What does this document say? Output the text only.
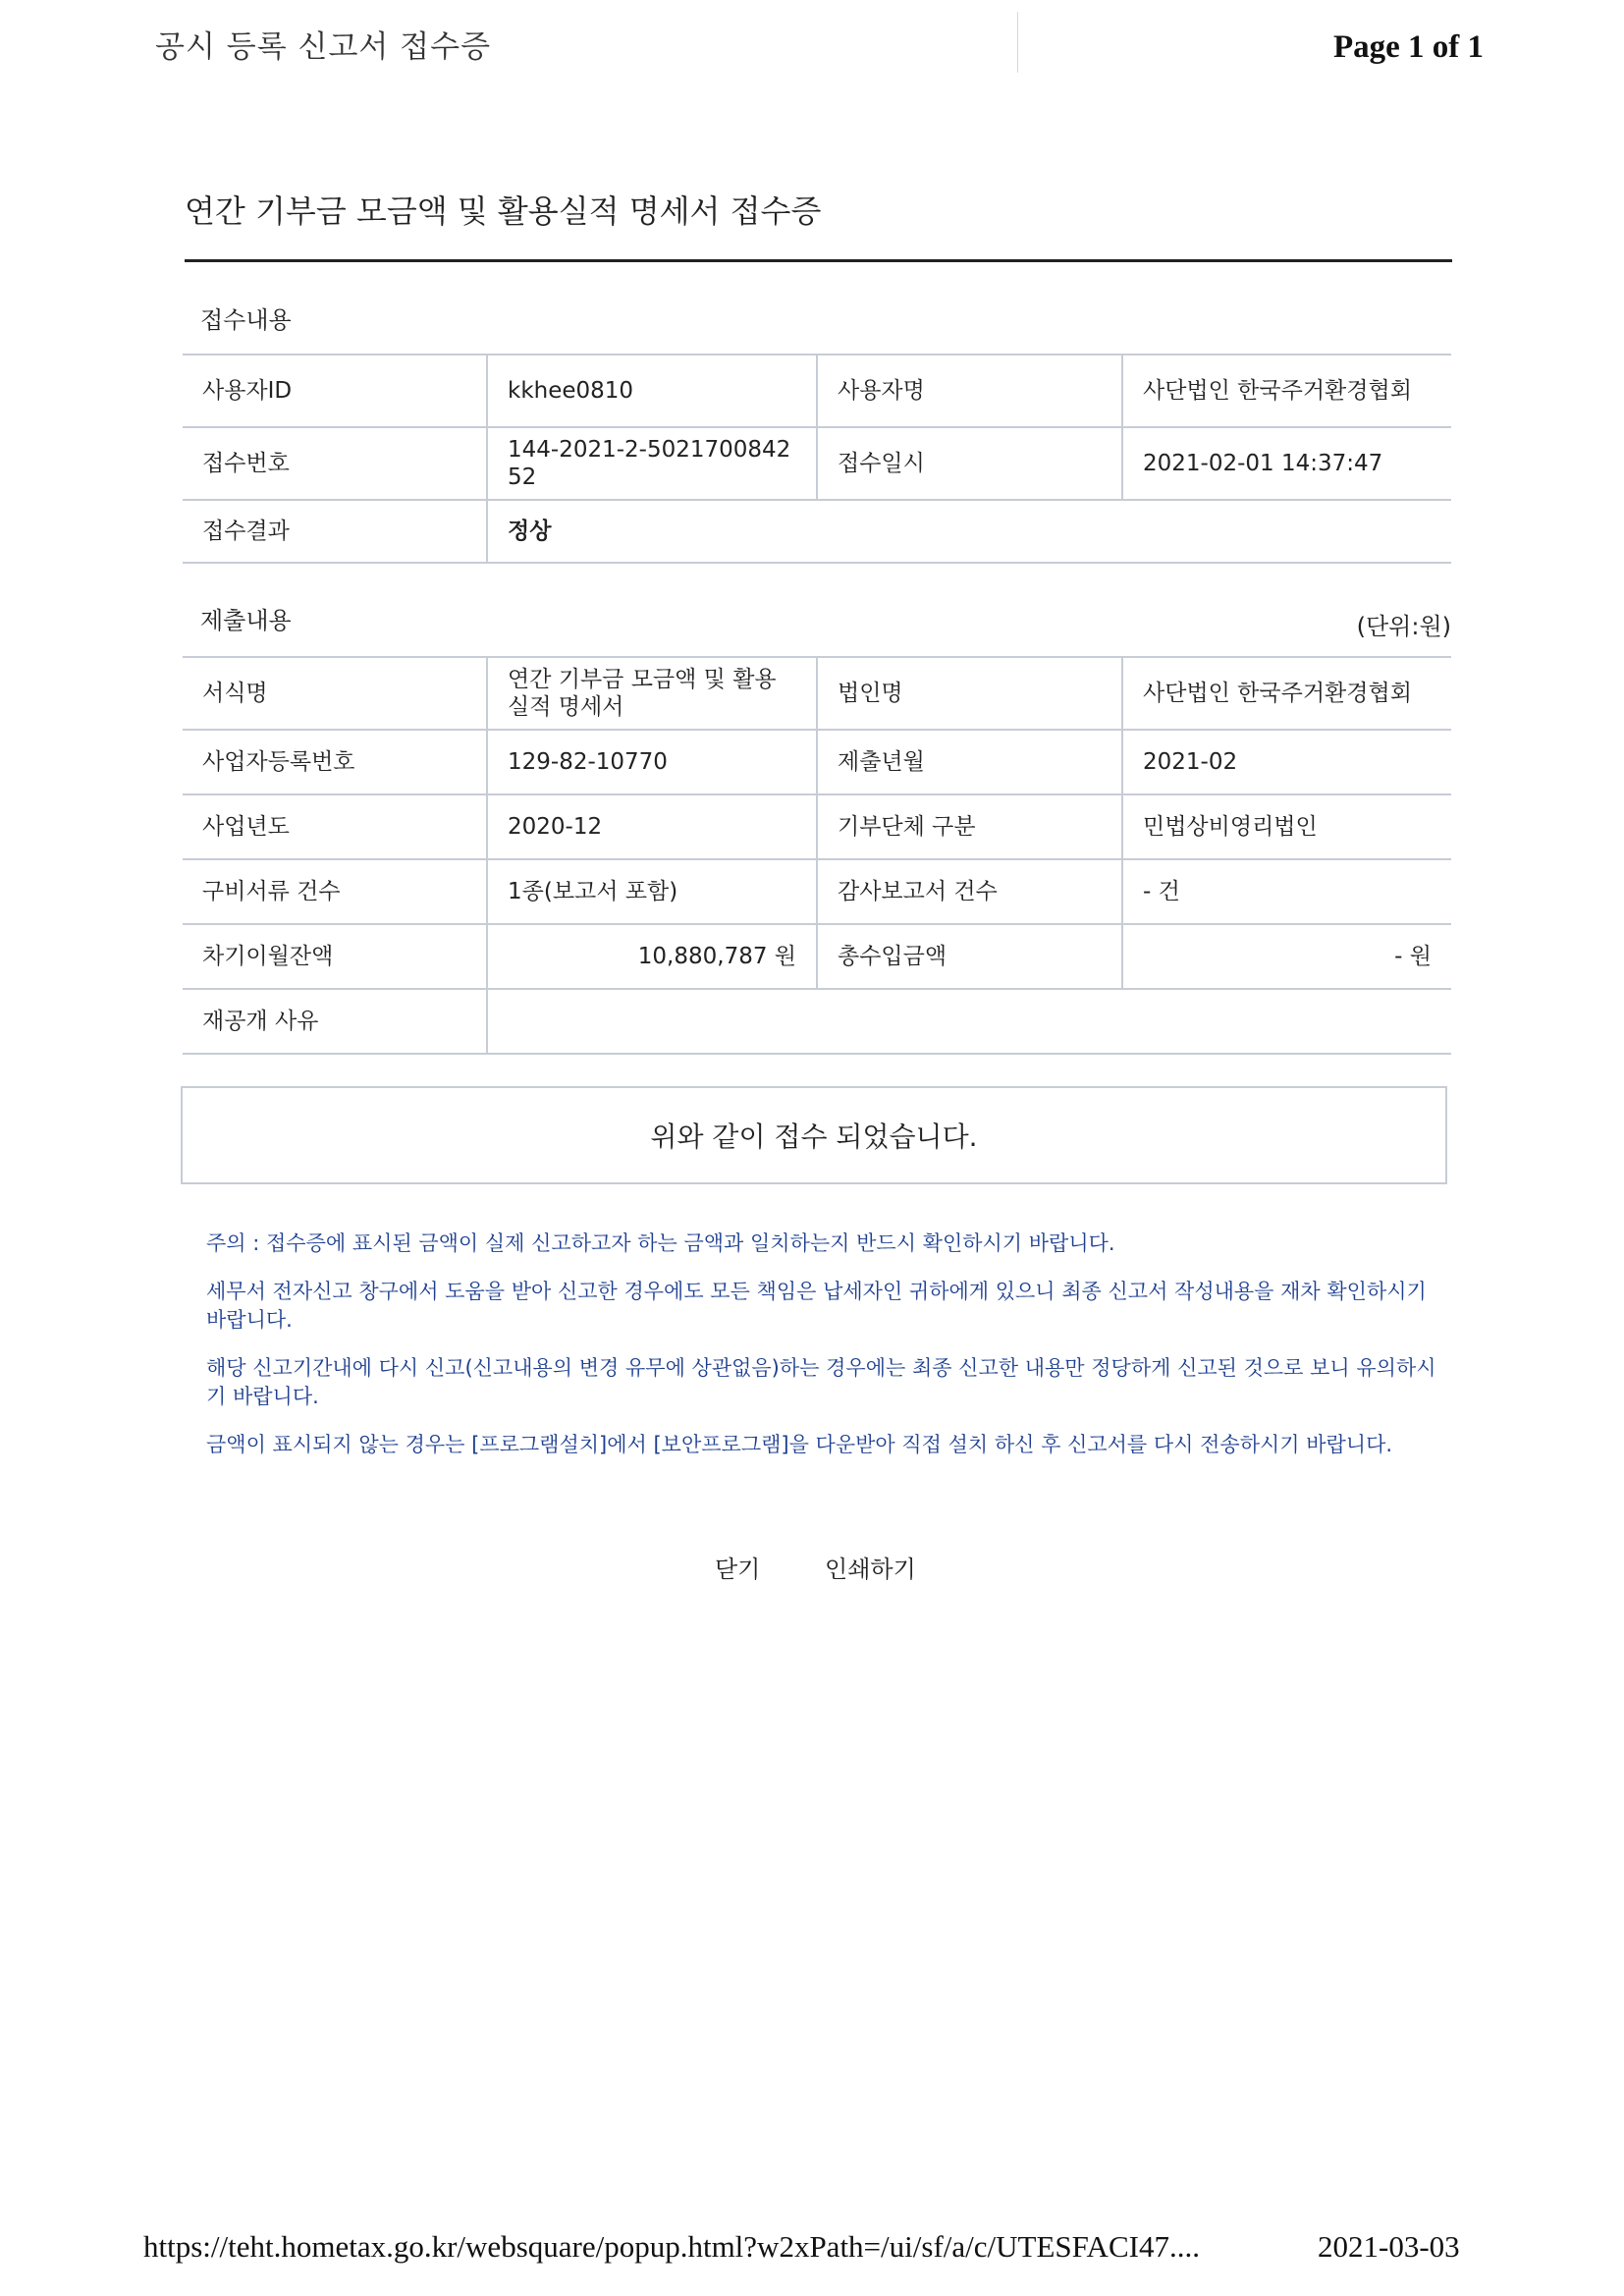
공시 등록 신고서 접수증	Page 1 of 1
연간 기부금 모금액 및 활용실적 명세서 접수증
접수내용
사용자ID	kkhee0810	사용자명	사단법인 한국주거환경협회
접수번호	144-2021-2-502170084252	접수일시	2021-02-01 14:37:47
접수결과	정상		
제출내용	(단위:원)
서식명	연간 기부금 모금액 및 활용실적 명세서	법인명	사단법인 한국주거환경협회
사업자등록번호	129-82-10770	제출년월	2021-02
사업년도	2020-12	기부단체 구분	민법상비영리법인
구비서류 건수	1종(보고서 포함)	감사보고서 건수	- 건
차기이월잔액	10,880,787 원	총수입금액	- 원
재공개 사유			
위와 같이 접수 되었습니다.

주의 : 접수증에 표시된 금액이 실제 신고하고자 하는 금액과 일치하는지 반드시 확인하시기 바랍니다.

세무서 전자신고 창구에서 도움을 받아 신고한 경우에도 모든 책임은 납세자인 귀하에게 있으니 최종 신고서 작성내용을 재차 확인하시기 바랍니다.

해당 신고기간내에 다시 신고(신고내용의 변경 유무에 상관없음)하는 경우에는 최종 신고한 내용만 정당하게 신고된 것으로 보니 유의하시기 바랍니다.

금액이 표시되지 않는 경우는 [프로그램설치]에서 [보안프로그램]을 다운받아 직접 설치 하신 후 신고서를 다시 전송하시기 바랍니다.

닫기	인쇄하기
https://teht.hometax.go.kr/websquare/popup.html?w2xPath=/ui/sf/a/c/UTESFACI47....	2021-03-03
